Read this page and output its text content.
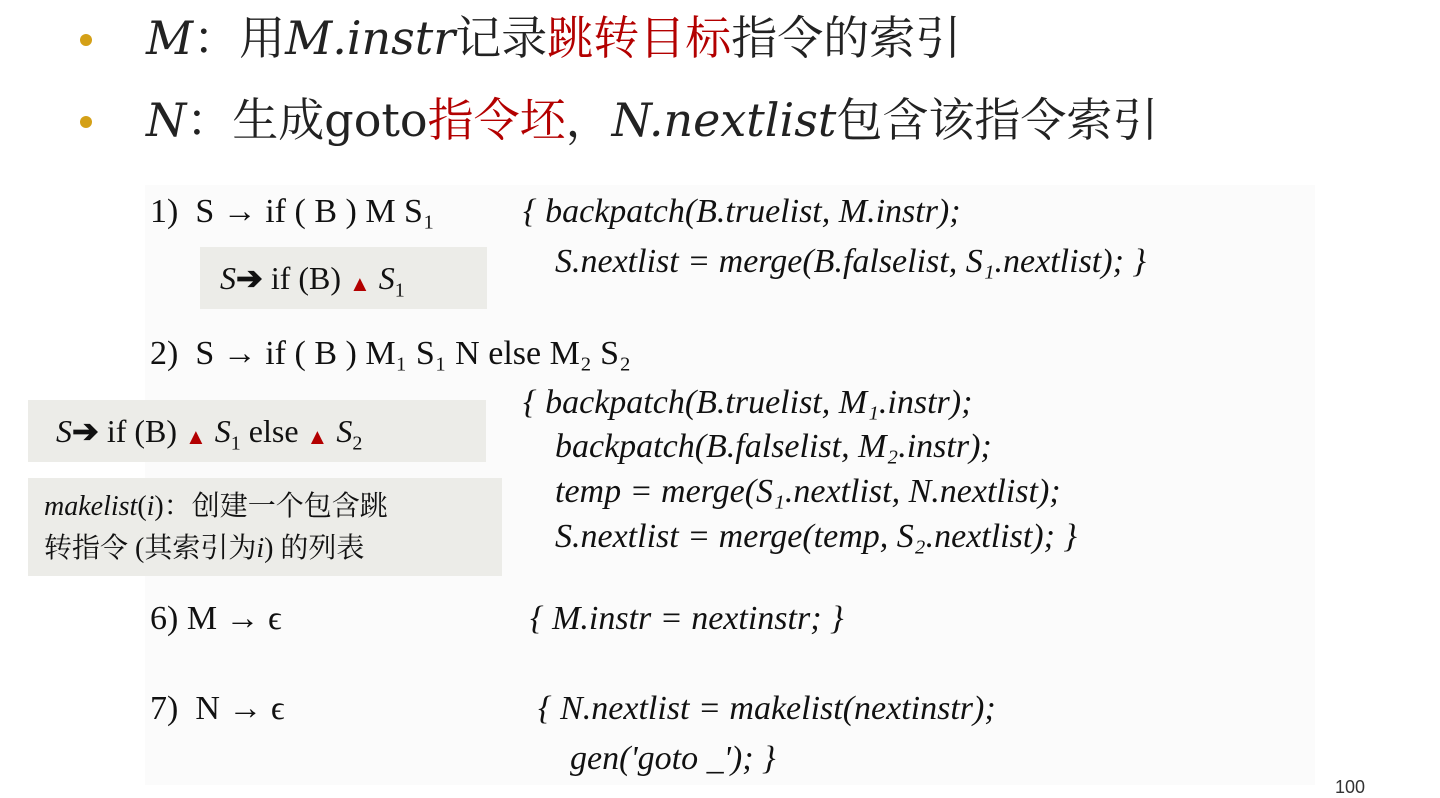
M：用M.instr记录跳转目标指令的索引
N：生成goto指令坯，N.nextlist包含该指令索引
1) S → if ( B ) M S₁	{ backpatch(B.truelist, M.instr);
S.nextlist = merge(B.falselist, S₁.nextlist); }
S➔ if (B) ▲ $S_1$
2) S → if ( B ) M₁ S₁ N else M₂ S₂
{ backpatch(B.truelist, M₁.instr);
backpatch(B.falselist, M₂.instr);
temp = merge(S₁.nextlist, N.nextlist);
S.nextlist = merge(temp, S₂.nextlist); }
S➔ if (B) ▲ $S_1$ else ▲ $S_2$
makelist(i)：创建一个包含跳
转指令 (其索引为i) 的列表
6) M → ϵ	{ M.instr = nextinstr; }
7) N → ϵ	{ N.nextlist = makelist(nextinstr);
gen('goto _'); }
100
